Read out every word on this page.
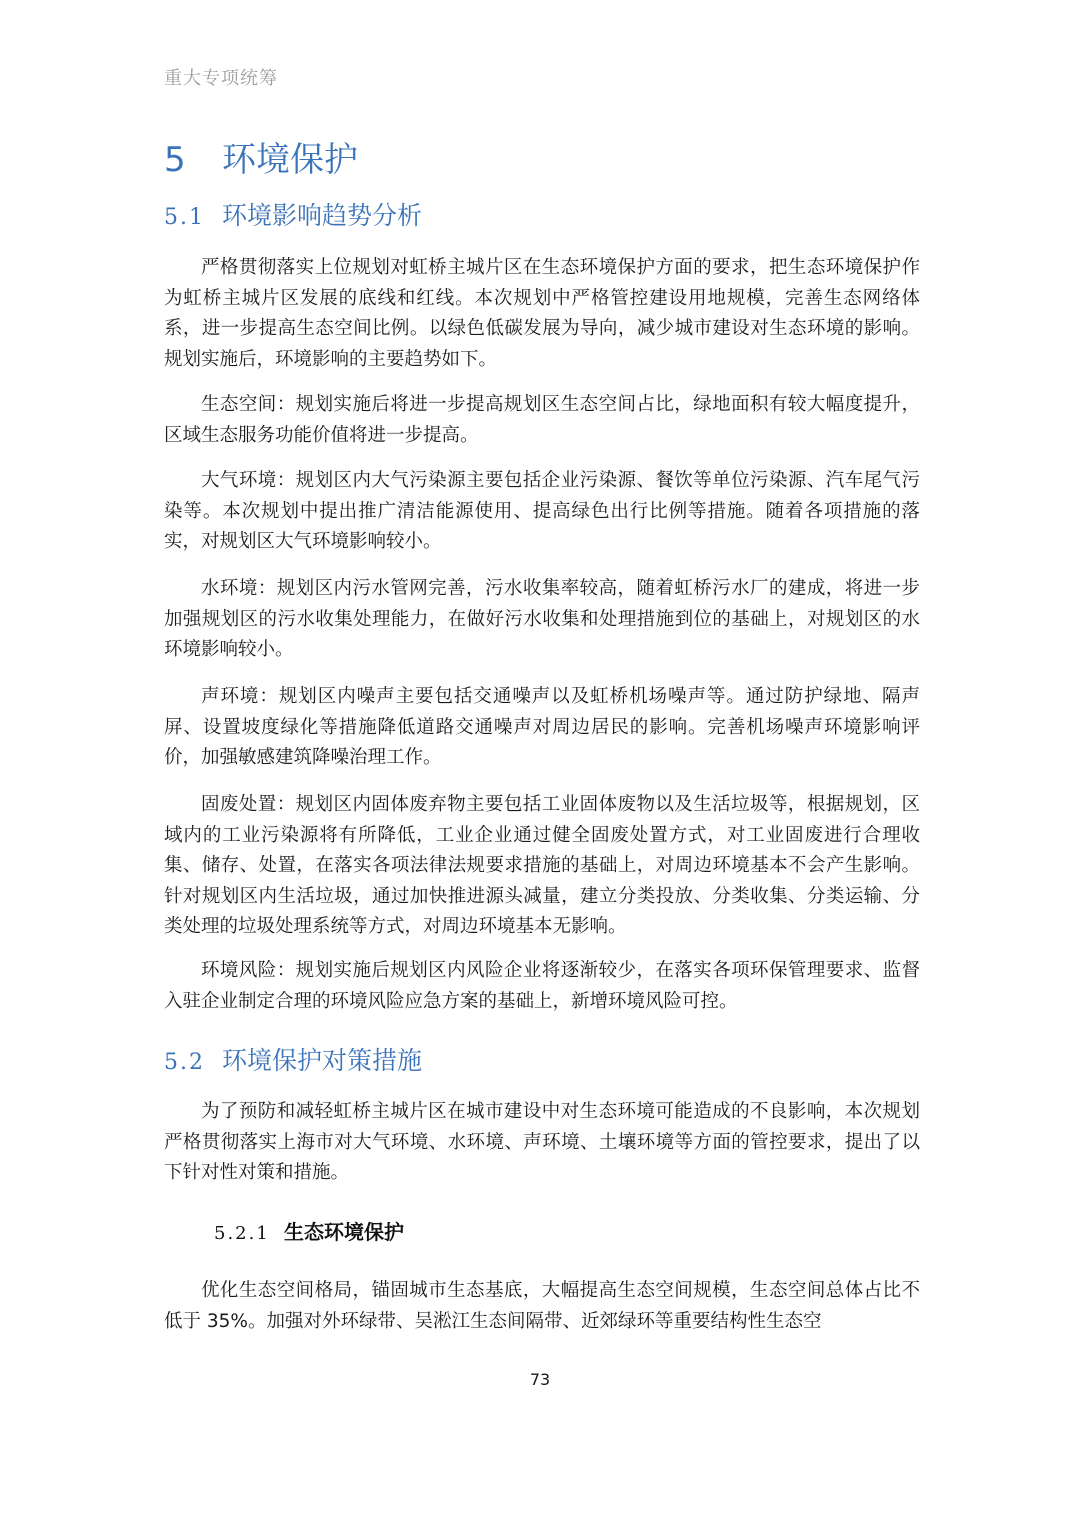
重大专项统筹
5 环境保护
5.1 环境影响趋势分析

严格贯彻落实上位规划对虹桥主城片区在生态环境保护方面的要求，把生态环境保护作为虹桥主城片区发展的底线和红线。本次规划中严格管控建设用地规模，完善生态网络体系，进一步提高生态空间比例。以绿色低碳发展为导向，减少城市建设对生态环境的影响。规划实施后，环境影响的主要趋势如下。

生态空间：规划实施后将进一步提高规划区生态空间占比，绿地面积有较大幅度提升，区域生态服务功能价值将进一步提高。

大气环境：规划区内大气污染源主要包括企业污染源、餐饮等单位污染源、汽车尾气污染等。本次规划中提出推广清洁能源使用、提高绿色出行比例等措施。随着各项措施的落实，对规划区大气环境影响较小。

水环境：规划区内污水管网完善，污水收集率较高，随着虹桥污水厂的建成，将进一步加强规划区的污水收集处理能力，在做好污水收集和处理措施到位的基础上，对规划区的水环境影响较小。

声环境：规划区内噪声主要包括交通噪声以及虹桥机场噪声等。通过防护绿地、隔声屏、设置坡度绿化等措施降低道路交通噪声对周边居民的影响。完善机场噪声环境影响评价，加强敏感建筑降噪治理工作。

固废处置：规划区内固体废弃物主要包括工业固体废物以及生活垃圾等，根据规划，区域内的工业污染源将有所降低，工业企业通过健全固废处置方式，对工业固废进行合理收集、储存、处置，在落实各项法律法规要求措施的基础上，对周边环境基本不会产生影响。针对规划区内生活垃圾，通过加快推进源头减量，建立分类投放、分类收集、分类运输、分类处理的垃圾处理系统等方式，对周边环境基本无影响。

环境风险：规划实施后规划区内风险企业将逐渐较少，在落实各项环保管理要求、监督入驻企业制定合理的环境风险应急方案的基础上，新增环境风险可控。

5.2 环境保护对策措施

为了预防和减轻虹桥主城片区在城市建设中对生态环境可能造成的不良影响，本次规划严格贯彻落实上海市对大气环境、水环境、声环境、土壤环境等方面的管控要求，提出了以下针对性对策和措施。

5.2.1 生态环境保护

优化生态空间格局，锚固城市生态基底，大幅提高生态空间规模，生态空间总体占比不低于 35%。加强对外环绿带、吴淞江生态间隔带、近郊绿环等重要结构性生态空

73
